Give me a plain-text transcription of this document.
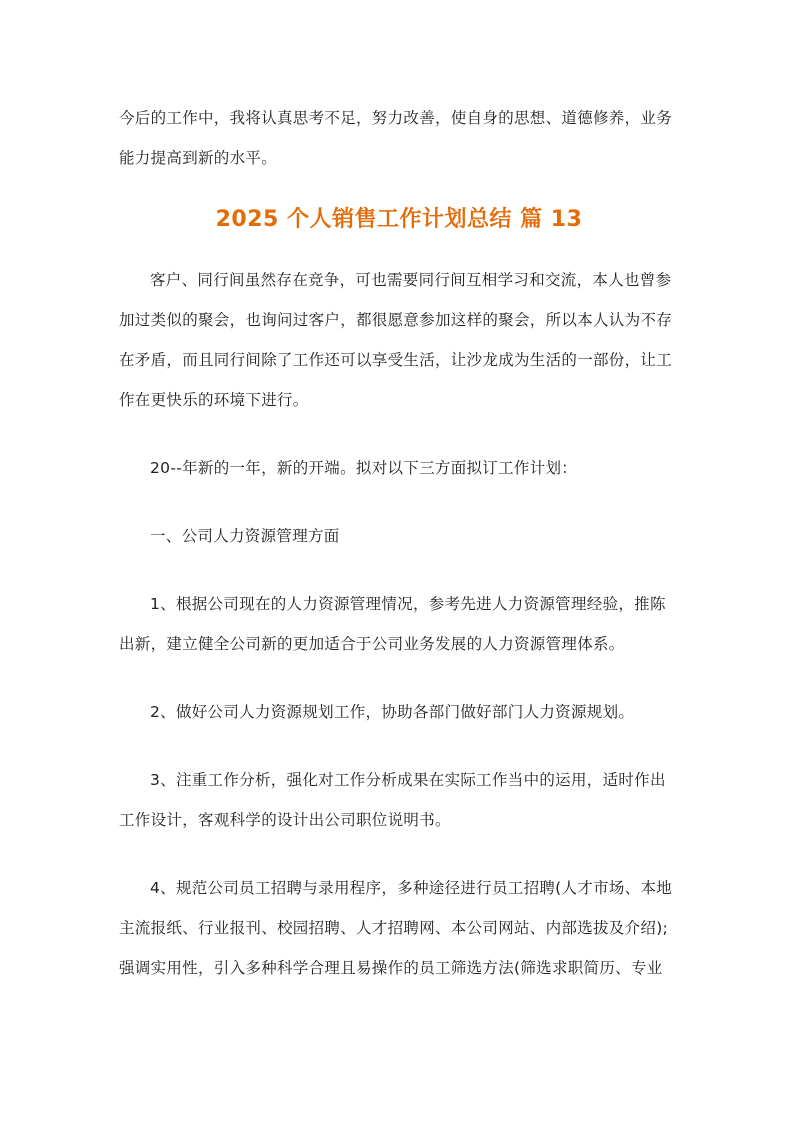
今后的工作中，我将认真思考不足，努力改善，使自身的思想、道德修养，业务能力提高到新的水平。

2025 个人销售工作计划总结 篇 13

客户、同行间虽然存在竞争，可也需要同行间互相学习和交流，本人也曾参加过类似的聚会，也询问过客户，都很愿意参加这样的聚会，所以本人认为不存在矛盾，而且同行间除了工作还可以享受生活，让沙龙成为生活的一部份，让工作在更快乐的环境下进行。

20--年新的一年，新的开端。拟对以下三方面拟订工作计划：

一、公司人力资源管理方面

1、根据公司现在的人力资源管理情况，参考先进人力资源管理经验，推陈出新，建立健全公司新的更加适合于公司业务发展的人力资源管理体系。

2、做好公司人力资源规划工作，协助各部门做好部门人力资源规划。

3、注重工作分析，强化对工作分析成果在实际工作当中的运用，适时作出工作设计，客观科学的设计出公司职位说明书。

4、规范公司员工招聘与录用程序，多种途径进行员工招聘(人才市场、本地主流报纸、行业报刊、校园招聘、人才招聘网、本公司网站、内部选拔及介绍);强调实用性，引入多种科学合理且易操作的员工筛选方法(筛选求职简历、专业
